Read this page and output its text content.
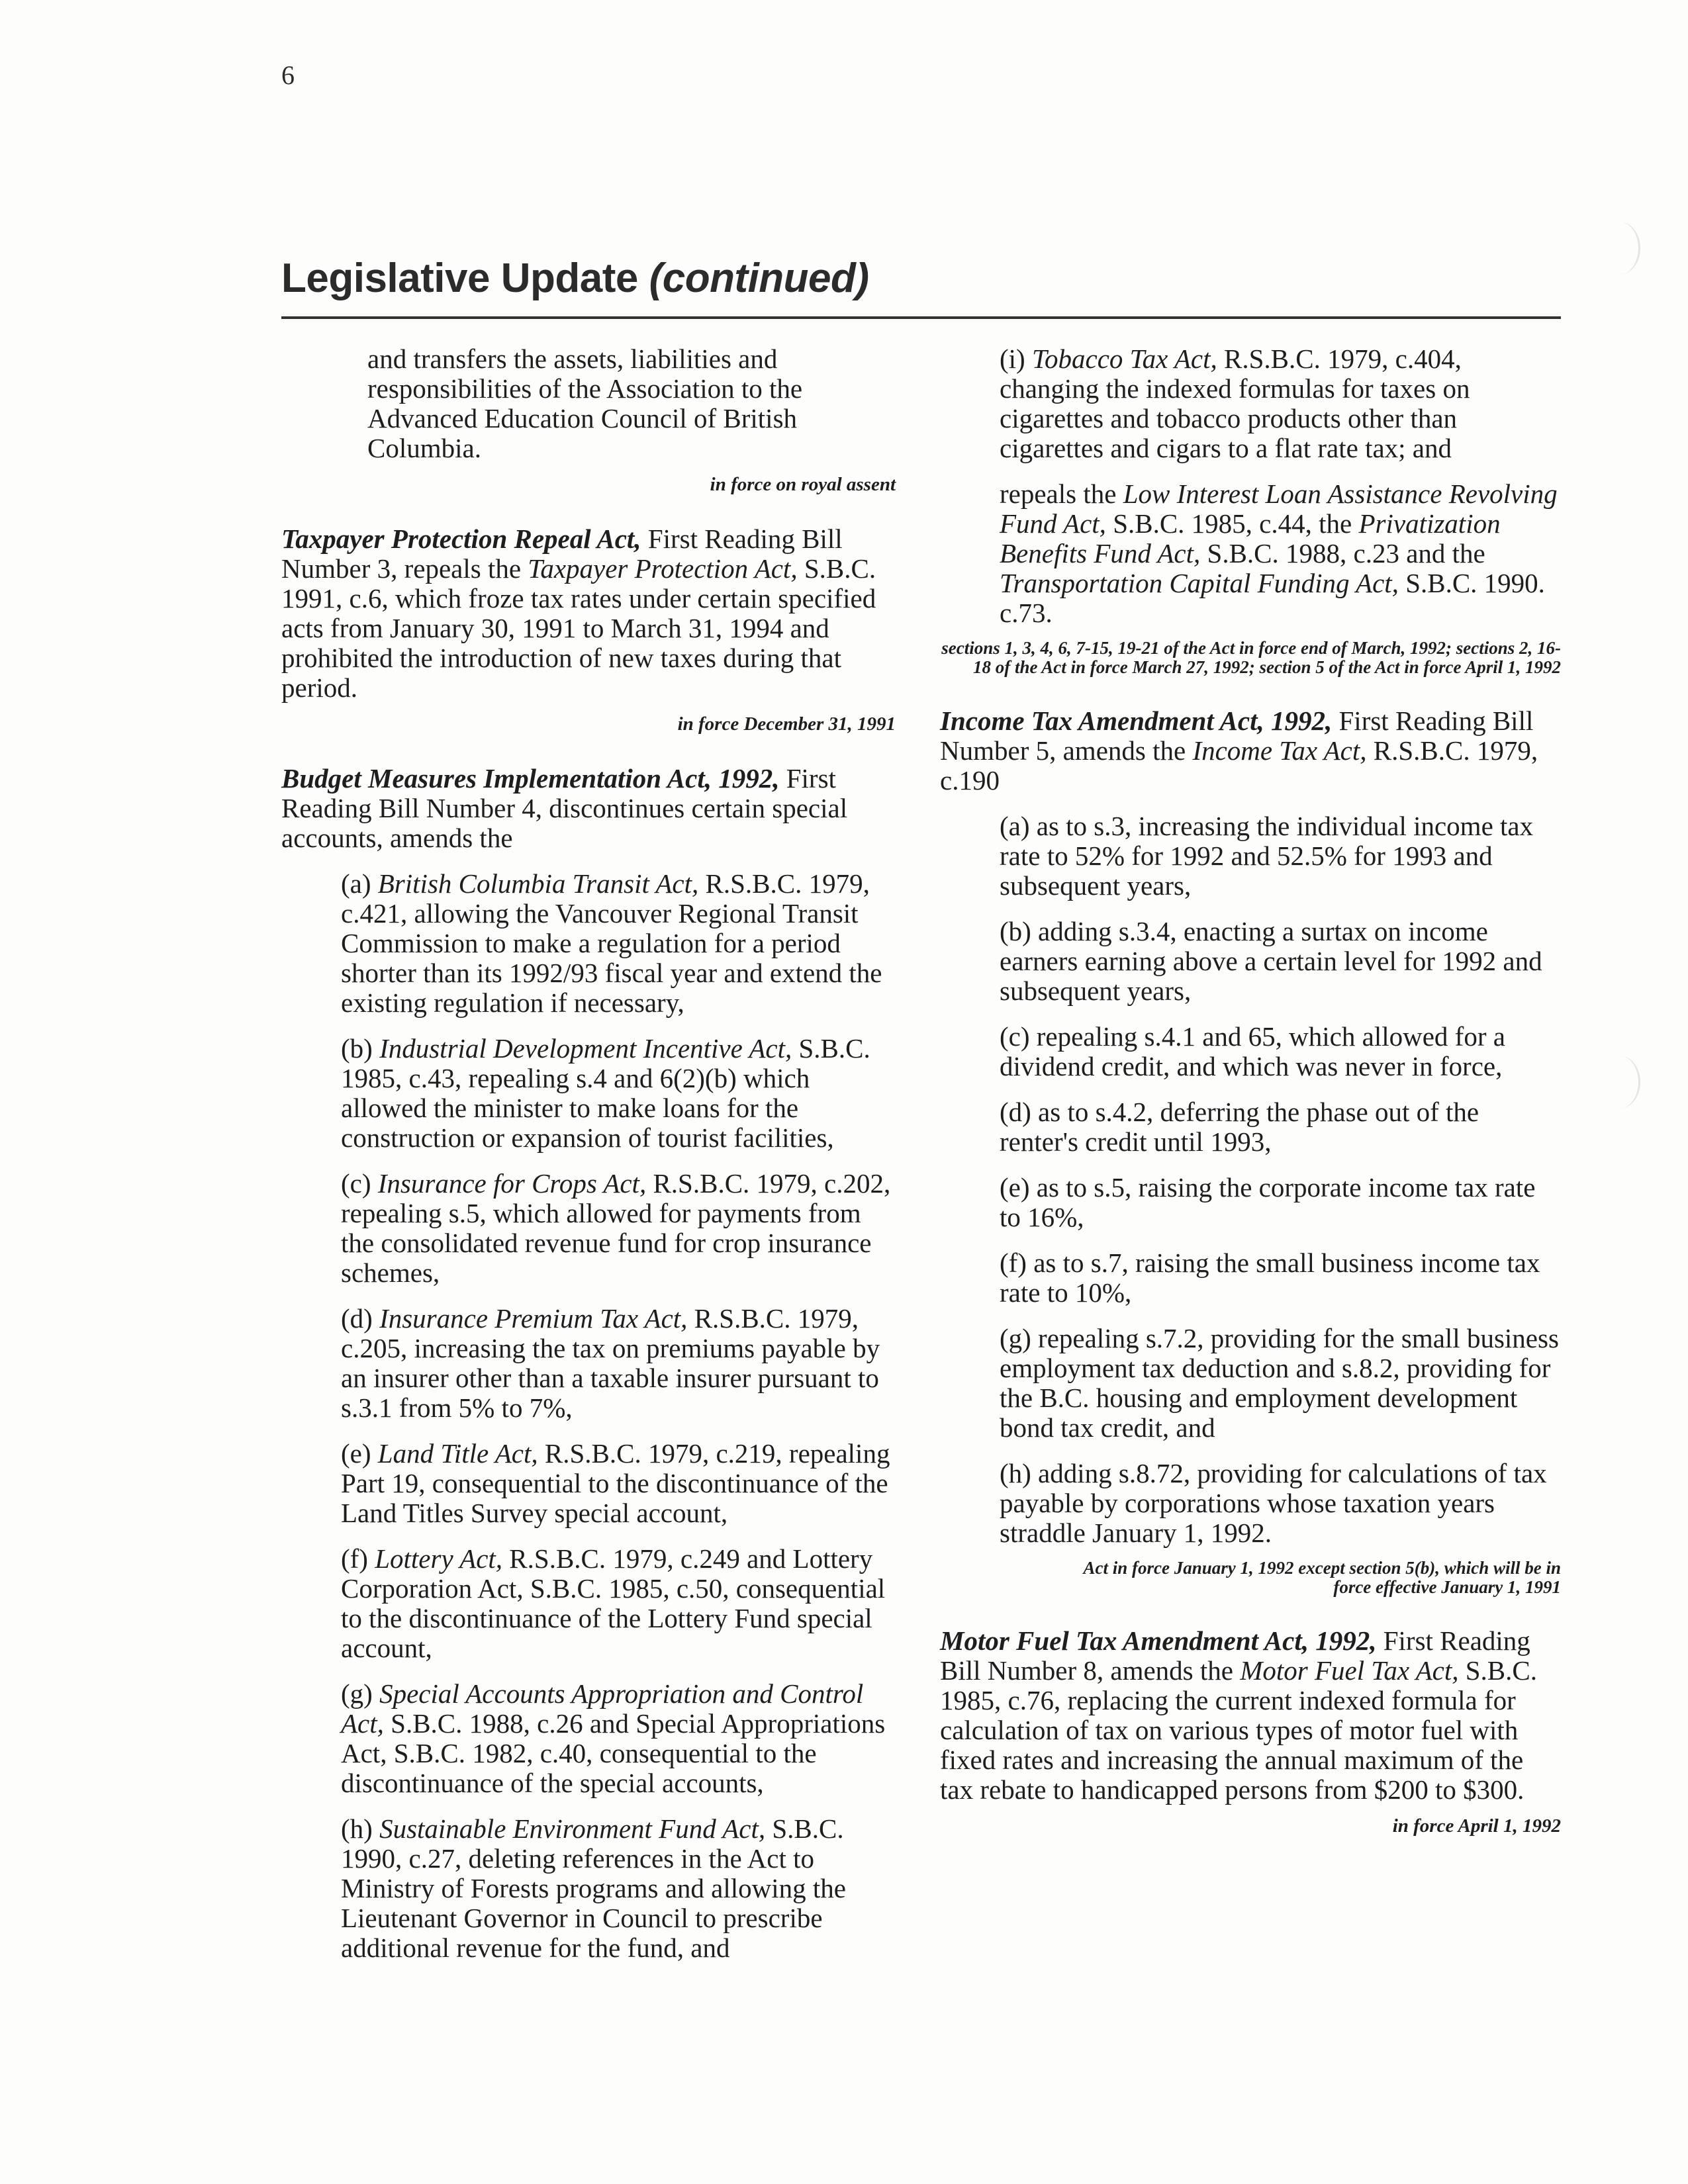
6
Legislative Update (continued)

and transfers the assets, liabilities and responsibilities of the Association to the Advanced Education Council of British Columbia.

in force on royal assent

Taxpayer Protection Repeal Act, First Reading Bill Number 3, repeals the Taxpayer Protection Act, S.B.C. 1991, c.6, which froze tax rates under certain specified acts from January 30, 1991 to March 31, 1994 and prohibited the introduction of new taxes during that period.

in force December 31, 1991

Budget Measures Implementation Act, 1992, First Reading Bill Number 4, discontinues certain special accounts, amends the

(a) British Columbia Transit Act, R.S.B.C. 1979, c.421, allowing the Vancouver Regional Transit Commission to make a regulation for a period shorter than its 1992/93 fiscal year and extend the existing regulation if necessary,

(b) Industrial Development Incentive Act, S.B.C. 1985, c.43, repealing s.4 and 6(2)(b) which allowed the minister to make loans for the construction or expansion of tourist facilities,

(c) Insurance for Crops Act, R.S.B.C. 1979, c.202, repealing s.5, which allowed for payments from the consolidated revenue fund for crop insurance schemes,

(d) Insurance Premium Tax Act, R.S.B.C. 1979, c.205, increasing the tax on premiums payable by an insurer other than a taxable insurer pursuant to s.3.1 from 5% to 7%,

(e) Land Title Act, R.S.B.C. 1979, c.219, repealing Part 19, consequential to the discontinuance of the Land Titles Survey special account,

(f) Lottery Act, R.S.B.C. 1979, c.249 and Lottery Corporation Act, S.B.C. 1985, c.50, consequential to the discontinuance of the Lottery Fund special account,

(g) Special Accounts Appropriation and Control Act, S.B.C. 1988, c.26 and Special Appropriations Act, S.B.C. 1982, c.40, consequential to the discontinuance of the special accounts,

(h) Sustainable Environment Fund Act, S.B.C. 1990, c.27, deleting references in the Act to Ministry of Forests programs and allowing the Lieutenant Governor in Council to prescribe additional revenue for the fund, and

(i) Tobacco Tax Act, R.S.B.C. 1979, c.404, changing the indexed formulas for taxes on cigarettes and tobacco products other than cigarettes and cigars to a flat rate tax; and

repeals the Low Interest Loan Assistance Revolving Fund Act, S.B.C. 1985, c.44, the Privatization Benefits Fund Act, S.B.C. 1988, c.23 and the Transportation Capital Funding Act, S.B.C. 1990. c.73.

sections 1, 3, 4, 6, 7-15, 19-21 of the Act in force end of March, 1992; sections 2, 16-18 of the Act in force March 27, 1992; section 5 of the Act in force April 1, 1992

Income Tax Amendment Act, 1992, First Reading Bill Number 5, amends the Income Tax Act, R.S.B.C. 1979, c.190

(a) as to s.3, increasing the individual income tax rate to 52% for 1992 and 52.5% for 1993 and subsequent years,

(b) adding s.3.4, enacting a surtax on income earners earning above a certain level for 1992 and subsequent years,

(c) repealing s.4.1 and 65, which allowed for a dividend credit, and which was never in force,

(d) as to s.4.2, deferring the phase out of the renter's credit until 1993,

(e) as to s.5, raising the corporate income tax rate to 16%,

(f) as to s.7, raising the small business income tax rate to 10%,

(g) repealing s.7.2, providing for the small business employment tax deduction and s.8.2, providing for the B.C. housing and employment development bond tax credit, and

(h) adding s.8.72, providing for calculations of tax payable by corporations whose taxation years straddle January 1, 1992.

Act in force January 1, 1992 except section 5(b), which will be in force effective January 1, 1991

Motor Fuel Tax Amendment Act, 1992, First Reading Bill Number 8, amends the Motor Fuel Tax Act, S.B.C. 1985, c.76, replacing the current indexed formula for calculation of tax on various types of motor fuel with fixed rates and increasing the annual maximum of the tax rebate to handicapped persons from $200 to $300.

in force April 1, 1992
